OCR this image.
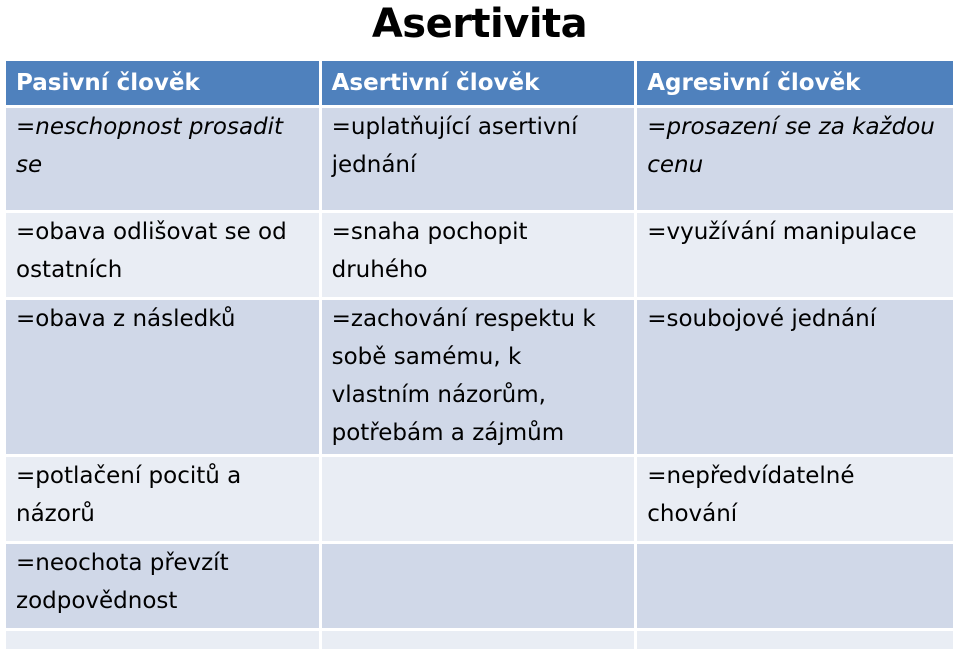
Asertivita
Pasivní člověk	Asertivní člověk	Agresivní člověk
=neschopnost prosadit se	=uplatňující asertivní jednání	=prosazení se za každou cenu
=obava odlišovat se od ostatních	=snaha pochopit druhého	=využívání manipulace
=obava z následků	=zachování respektu k sobě samému, k vlastním názorům, potřebám a zájmům	=soubojové jednání
=potlačení pocitů a názorů		=nepředvídatelné chování
=neochota převzít zodpovědnost		
